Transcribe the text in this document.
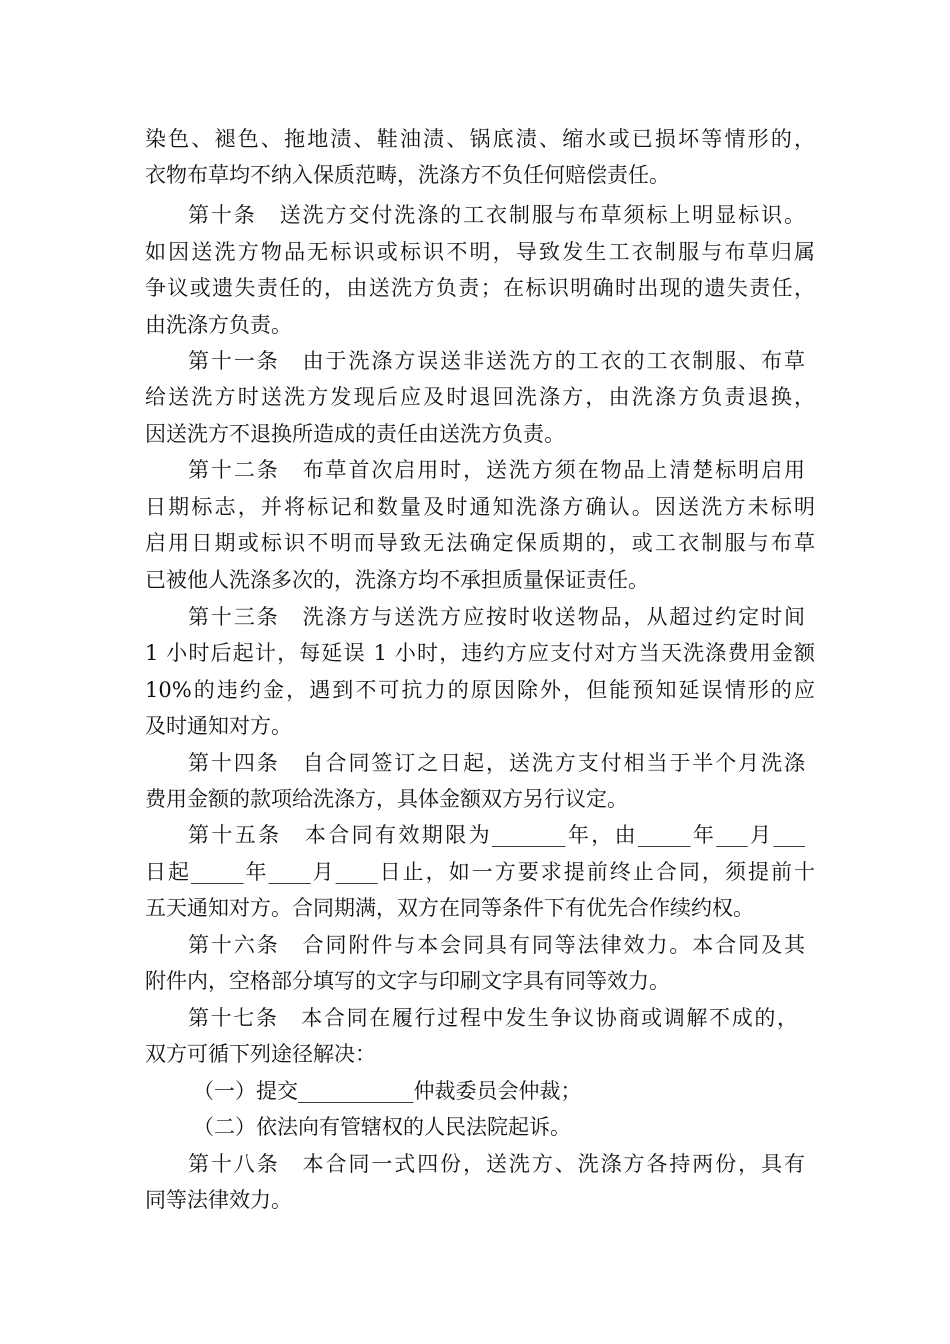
染色、褪色、拖地渍、鞋油渍、锅底渍、缩水或已损坏等情形的，
衣物布草均不纳入保质范畴，洗涤方不负任何赔偿责任。
第十条　送洗方交付洗涤的工衣制服与布草须标上明显标识。
如因送洗方物品无标识或标识不明，导致发生工衣制服与布草归属
争议或遗失责任的，由送洗方负责；在标识明确时出现的遗失责任，
由洗涤方负责。
第十一条　由于洗涤方误送非送洗方的工衣的工衣制服、布草
给送洗方时送洗方发现后应及时退回洗涤方，由洗涤方负责退换，
因送洗方不退换所造成的责任由送洗方负责。
第十二条　布草首次启用时，送洗方须在物品上清楚标明启用
日期标志，并将标记和数量及时通知洗涤方确认。因送洗方未标明
启用日期或标识不明而导致无法确定保质期的，或工衣制服与布草
已被他人洗涤多次的，洗涤方均不承担质量保证责任。
第十三条　洗涤方与送洗方应按时收送物品，从超过约定时间
1 小时后起计，每延误 1 小时，违约方应支付对方当天洗涤费用金额
10%的违约金，遇到不可抗力的原因除外，但能预知延误情形的应
及时通知对方。
第十四条　自合同签订之日起，送洗方支付相当于半个月洗涤
费用金额的款项给洗涤方，具体金额双方另行议定。
第十五条　本合同有效期限为_______年，由_____年___月___
日起_____年____月____日止，如一方要求提前终止合同，须提前十
五天通知对方。合同期满，双方在同等条件下有优先合作续约权。
第十六条　合同附件与本会同具有同等法律效力。本合同及其
附件内，空格部分填写的文字与印刷文字具有同等效力。
第十七条　本合同在履行过程中发生争议协商或调解不成的，
双方可循下列途径解决：
（一）提交___________仲裁委员会仲裁；
（二）依法向有管辖权的人民法院起诉。
第十八条　本合同一式四份，送洗方、洗涤方各持两份，具有
同等法律效力。
